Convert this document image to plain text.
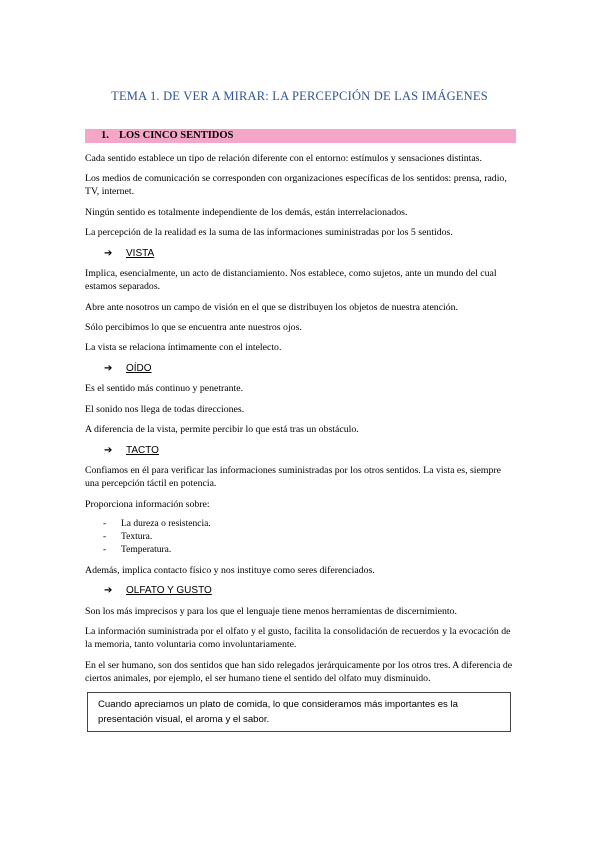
TEMA 1. DE VER A MIRAR: LA PERCEPCIÓN DE LAS IMÁGENES
1. LOS CINCO SENTIDOS
Cada sentido establece un tipo de relación diferente con el entorno: estímulos y sensaciones distintas.
Los medios de comunicación se corresponden con organizaciones específicas de los sentidos: prensa, radio, TV, internet.
Ningún sentido es totalmente independiente de los demás, están interrelacionados.
La percepción de la realidad es la suma de las informaciones suministradas por los 5 sentidos.
➔ VISTA
Implica, esencialmente, un acto de distanciamiento. Nos establece, como sujetos, ante un mundo del cual estamos separados.
Abre ante nosotros un campo de visión en el que se distribuyen los objetos de nuestra atención.
Sólo percibimos lo que se encuentra ante nuestros ojos.
La vista se relaciona íntimamente con el intelecto.
➔ OÍDO
Es el sentido más continuo y penetrante.
El sonido nos llega de todas direcciones.
A diferencia de la vista, permite percibir lo que está tras un obstáculo.
➔ TACTO
Confiamos en él para verificar las informaciones suministradas por los otros sentidos. La vista es, siempre una percepción táctil en potencia.
Proporciona información sobre:
- La dureza o resistencia.
- Textura.
- Temperatura.
Además, implica contacto físico y nos instituye como seres diferenciados.
➔ OLFATO Y GUSTO
Son los más imprecisos y para los que el lenguaje tiene menos herramientas de discernimiento.
La información suministrada por el olfato y el gusto, facilita la consolidación de recuerdos y la evocación de la memoria, tanto voluntaria como involuntariamente.
En el ser humano, son dos sentidos que han sido relegados jerárquicamente por los otros tres. A diferencia de ciertos animales, por ejemplo, el ser humano tiene el sentido del olfato muy disminuido.
Cuando apreciamos un plato de comida, lo que consideramos más importantes es la presentación visual, el aroma y el sabor.
